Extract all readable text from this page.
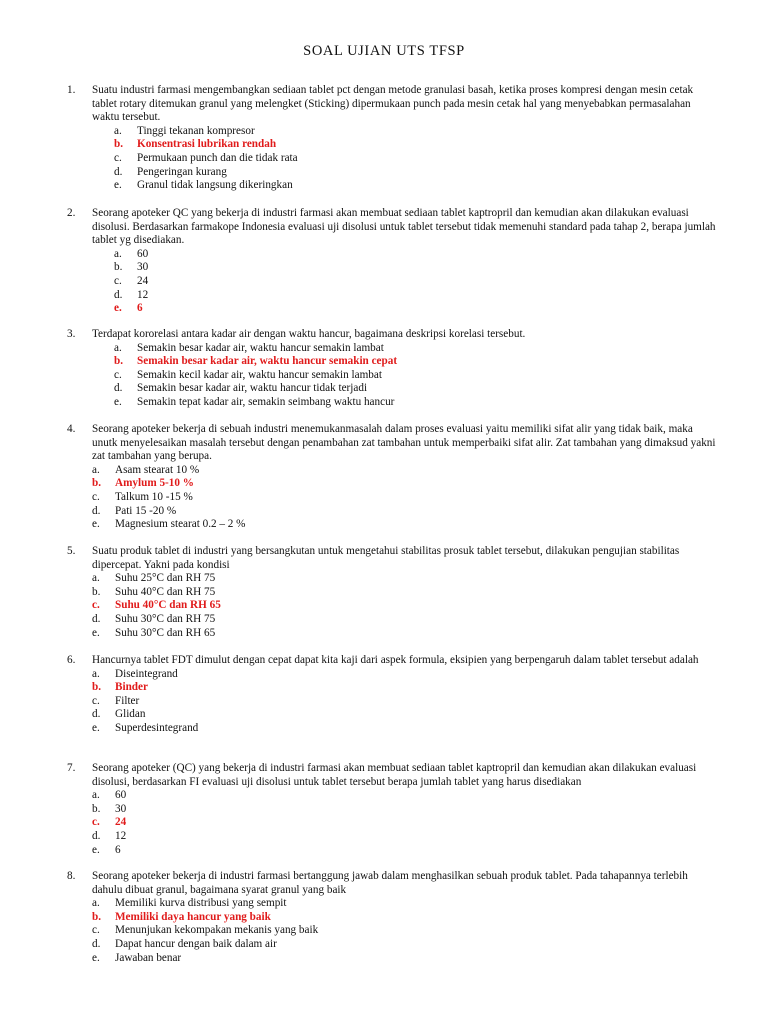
SOAL UJIAN UTS TFSP
1. Suatu industri farmasi mengembangkan sediaan tablet pct dengan metode granulasi basah, ketika proses kompresi dengan mesin cetak tablet rotary ditemukan granul yang melengket (Sticking) dipermukaan punch pada mesin cetak hal yang menyebabkan permasalahan waktu tersebut.
a. Tinggi tekanan kompresor
b. Konsentrasi lubrikan rendah
c. Permukaan punch dan die tidak rata
d. Pengeringan kurang
e. Granul tidak langsung dikeringkan
2. Seorang apoteker QC yang bekerja di industri farmasi akan membuat sediaan tablet kaptropril dan kemudian akan dilakukan evaluasi disolusi. Berdasarkan farmakope Indonesia evaluasi uji disolusi untuk tablet tersebut tidak memenuhi standard pada tahap 2, berapa jumlah tablet yg disediakan.
a. 60
b. 30
c. 24
d. 12
e. 6
3. Terdapat kororelasi antara kadar air dengan waktu hancur, bagaimana deskripsi korelasi tersebut.
a. Semakin besar kadar air, waktu hancur semakin lambat
b. Semakin besar kadar air, waktu hancur semakin cepat
c. Semakin kecil kadar air, waktu hancur semakin lambat
d. Semakin besar kadar air, waktu hancur tidak terjadi
e. Semakin tepat kadar air, semakin seimbang waktu hancur
4. Seorang apoteker bekerja di sebuah industri menemukanmasalah dalam proses evaluasi yaitu memiliki sifat alir yang tidak baik, maka unutk menyelesaikan masalah tersebut dengan penambahan zat tambahan untuk memperbaiki sifat alir. Zat tambahan yang dimaksud yakni zat tambahan yang berupa.
a. Asam stearat 10 %
b. Amylum 5-10 %
c. Talkum 10 -15 %
d. Pati 15 -20 %
e. Magnesium stearat 0.2 – 2 %
5. Suatu produk tablet di industri yang bersangkutan untuk mengetahui stabilitas prosuk tablet tersebut, dilakukan pengujian stabilitas dipercepat. Yakni pada kondisi
a. Suhu 25°C dan RH 75
b. Suhu 40°C dan RH 75
c. Suhu 40°C dan RH 65
d. Suhu 30°C dan RH 75
e. Suhu 30°C dan RH 65
6. Hancurnya tablet FDT dimulut dengan cepat dapat kita kaji dari aspek formula, eksipien yang berpengaruh dalam tablet tersebut adalah
a. Diseintegrand
b. Binder
c. Filter
d. Glidan
e. Superdesintegrand
7. Seorang apoteker (QC) yang bekerja di industri farmasi akan membuat sediaan tablet kaptropril dan kemudian akan dilakukan evaluasi disolusi, berdasarkan FI evaluasi uji disolusi untuk tablet tersebut berapa jumlah tablet yang harus disediakan
a. 60
b. 30
c. 24
d. 12
e. 6
8. Seorang apoteker bekerja di industri farmasi bertanggung jawab dalam menghasilkan sebuah produk tablet. Pada tahapannya terlebih dahulu dibuat granul, bagaimana syarat granul yang baik
a. Memiliki kurva distribusi yang sempit
b. Memiliki daya hancur yang baik
c. Menunjukan kekompakan mekanis yang baik
d. Dapat hancur dengan baik dalam air
e. Jawaban benar
